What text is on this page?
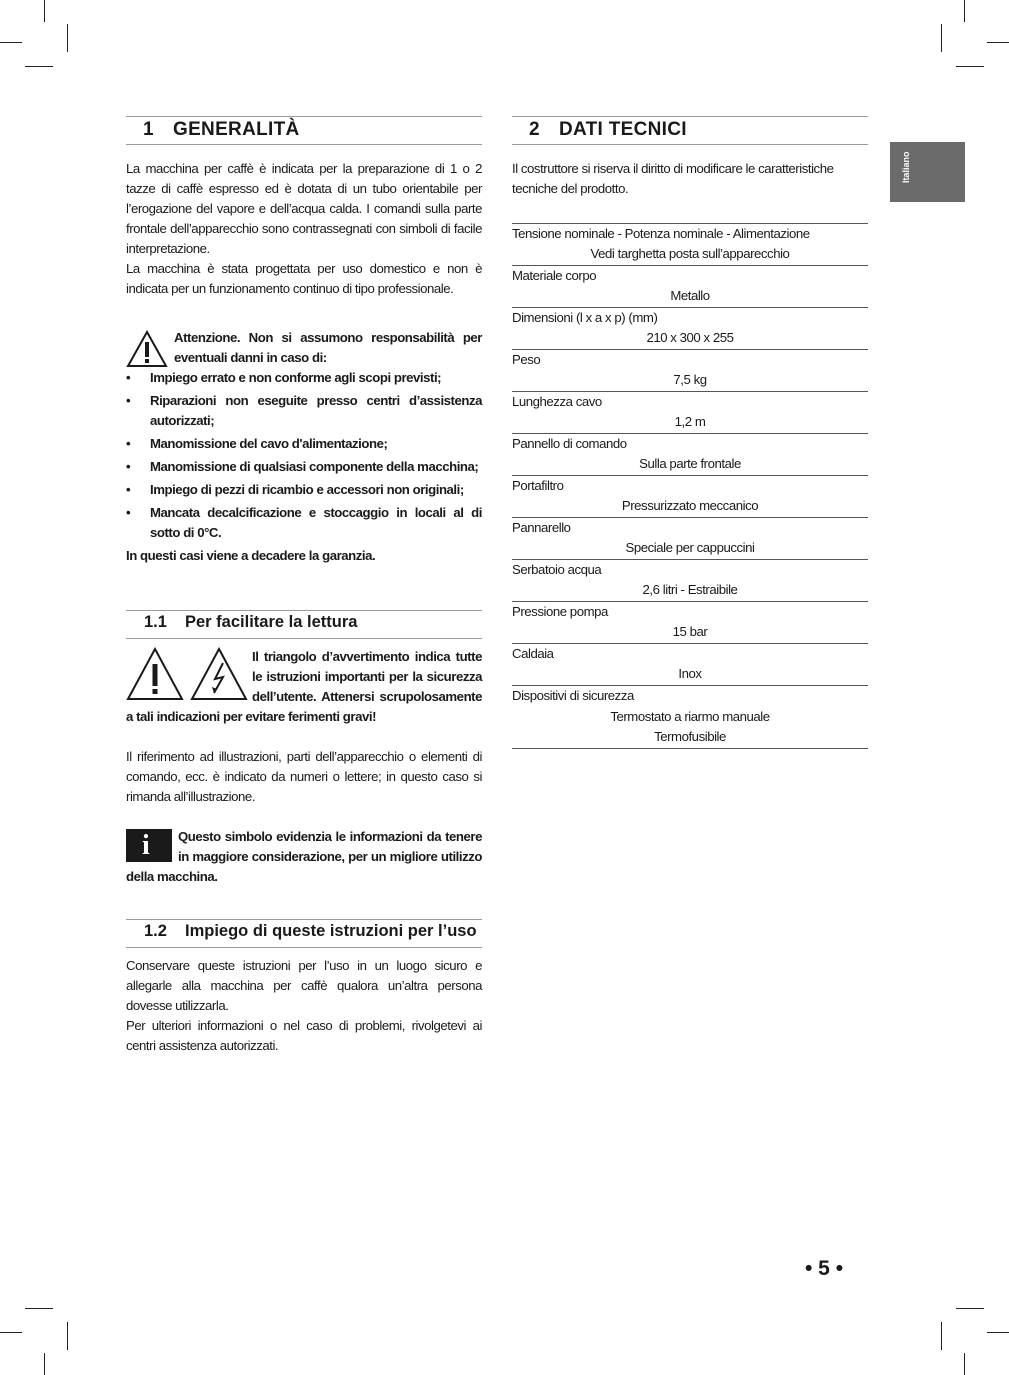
1 GENERALITÀ

La macchina per caffè è indicata per la preparazione di 1 o 2 tazze di caffè espresso ed è dotata di un tubo orientabile per l’erogazione del vapore e dell’acqua calda. I comandi sulla parte frontale dell’apparecchio sono contrassegnati con simboli di facile interpretazione.

La macchina è stata progettata per uso domestico e non è indicata per un funzionamento continuo di tipo professionale.

Attenzione. Non si assumono responsabilità per eventuali danni in caso di:

• Impiego errato e non conforme agli scopi previsti;
• Riparazioni non eseguite presso centri d’assistenza autorizzati;
• Manomissione del cavo d'alimentazione;
• Manomissione di qualsiasi componente della macchina;
• Impiego di pezzi di ricambio e accessori non originali;
• Mancata decalcificazione e stoccaggio in locali al di sotto di 0°C.

In questi casi viene a decadere la garanzia.

1.1 Per facilitare la lettura

Il triangolo d’avvertimento indica tutte le istruzioni importanti per la sicurezza dell’utente. Attenersi scrupolosamente a tali indicazioni per evitare ferimenti gravi!

Il riferimento ad illustrazioni, parti dell’apparecchio o elementi di comando, ecc. è indicato da numeri o lettere; in questo caso si rimanda all’illustrazione.

i	Questo simbolo evidenzia le informazioni da tenere in maggiore considerazione, per un migliore utilizzo della macchina.

1.2 Impiego di queste istruzioni per l’uso

Conservare queste istruzioni per l’uso in un luogo sicuro e allegarle alla macchina per caffè qualora un’altra persona dovesse utilizzarla.

Per ulteriori informazioni o nel caso di problemi, rivolgetevi ai centri assistenza autorizzati.

2 DATI TECNICI

Il costruttore si riserva il diritto di modificare le caratteristiche tecniche del prodotto.

Tensione nominale - Potenza nominale - Alimentazione
Vedi targhetta posta sull’apparecchio
Materiale corpo
Metallo
Dimensioni (l x a x p) (mm)
210 x 300 x 255
Peso
7,5 kg
Lunghezza cavo
1,2 m
Pannello di comando
Sulla parte frontale
Portafiltro
Pressurizzato meccanico
Pannarello
Speciale per cappuccini
Serbatoio acqua
2,6 litri - Estraibile
Pressione pompa
15 bar
Caldaia
Inox
Dispositivi di sicurezza
Termostato a riarmo manuale
Termofusibile
Italiano
• 5 •
